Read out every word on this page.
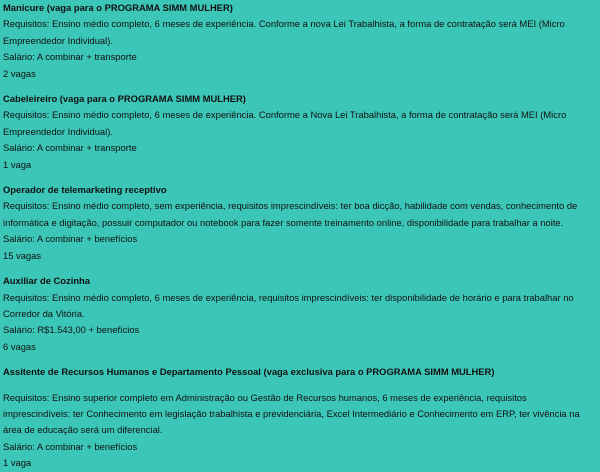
Manicure (vaga para o PROGRAMA SIMM MULHER)

Requisitos: Ensino médio completo, 6 meses de experiência. Conforme a nova Lei Trabalhista, a forma de contratação será MEI (Micro Empreendedor Individual).

Salário: A combinar + transporte

2 vagas

Cabeleireiro (vaga para o PROGRAMA SIMM MULHER)

Requisitos: Ensino médio completo, 6 meses de experiência. Conforme a Nova Lei Trabalhista, a forma de contratação será MEI (Micro Empreendedor Individual).

Salário: A combinar + transporte

1 vaga

Operador de telemarketing receptivo

Requisitos: Ensino médio completo, sem experiência, requisitos imprescindíveis: ter boa dicção, habilidade com vendas, conhecimento de informática e digitação, possuir computador ou notebook para fazer somente treinamento online, disponibilidade para trabalhar a noite.

Salário: A combinar + benefícios

15 vagas

Auxiliar de Cozinha

Requisitos: Ensino médio completo, 6 meses de experiência, requisitos imprescindíveis: ter disponibilidade de horário e para trabalhar no Corredor da Vitória.

Salário: R$1.543,00 + benefícios

6 vagas

Assitente de Recursos Humanos e Departamento Pessoal (vaga exclusiva para o PROGRAMA SIMM MULHER)

Requisitos: Ensino superior completo em Administração ou Gestão de Recursos humanos, 6 meses de experiência, requisitos imprescindíveis: ter Conhecimento em legislação trabalhista e previdenciária, Excel Intermediário e Conhecimento em ERP, ter vivência na área de educação será um diferencial.

Salário: A combinar + benefícios

1 vaga
